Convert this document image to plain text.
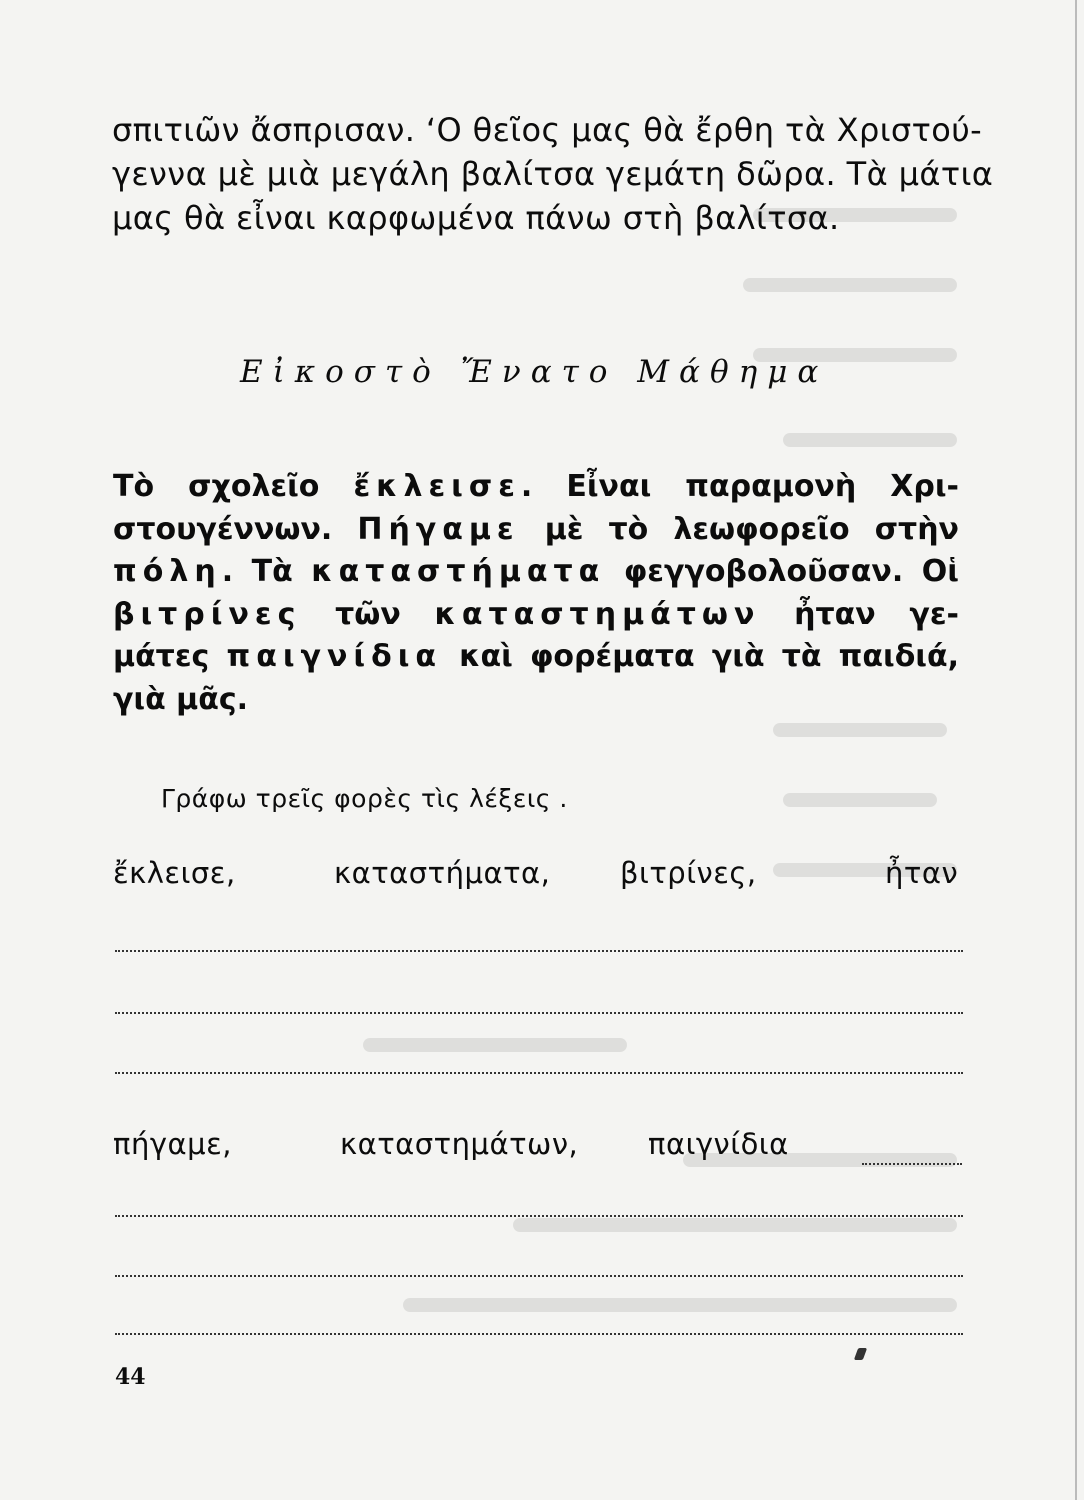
σπιτιῶν ἄσπρισαν. ‘Ο θεῖος μας θὰ ἔρθη τὰ Χριστού-
γεννα μὲ μιὰ μεγάλη βαλίτσα γεμάτη δῶρα. Τὰ μάτια
μας θὰ εἶναι καρφωμένα πάνω στὴ βαλίτσα.
Εἰκοστὸ Ἔνατο Μάθημα
Τὸ σχολεῖο ἔκλεισε. Εἶναι παραμονὴ Χρι-
στουγέννων. Πήγαμε μὲ τὸ λεωφορεῖο στὴν
πόλη. Τὰ καταστήματα φεγγοβολοῦσαν. Οἱ
βιτρίνες τῶν καταστημάτων ἦταν γε-
μάτες παιγνίδια καὶ φορέματα γιὰ τὰ παιδιά,
γιὰ μᾶς.
Γράφω τρεῖς φορὲς τὶς λέξεις .
ἔκλεισε,	καταστήματα, βιτρίνες,	ἦταν
πήγαμε,	καταστημάτων, παιγνίδια
44
